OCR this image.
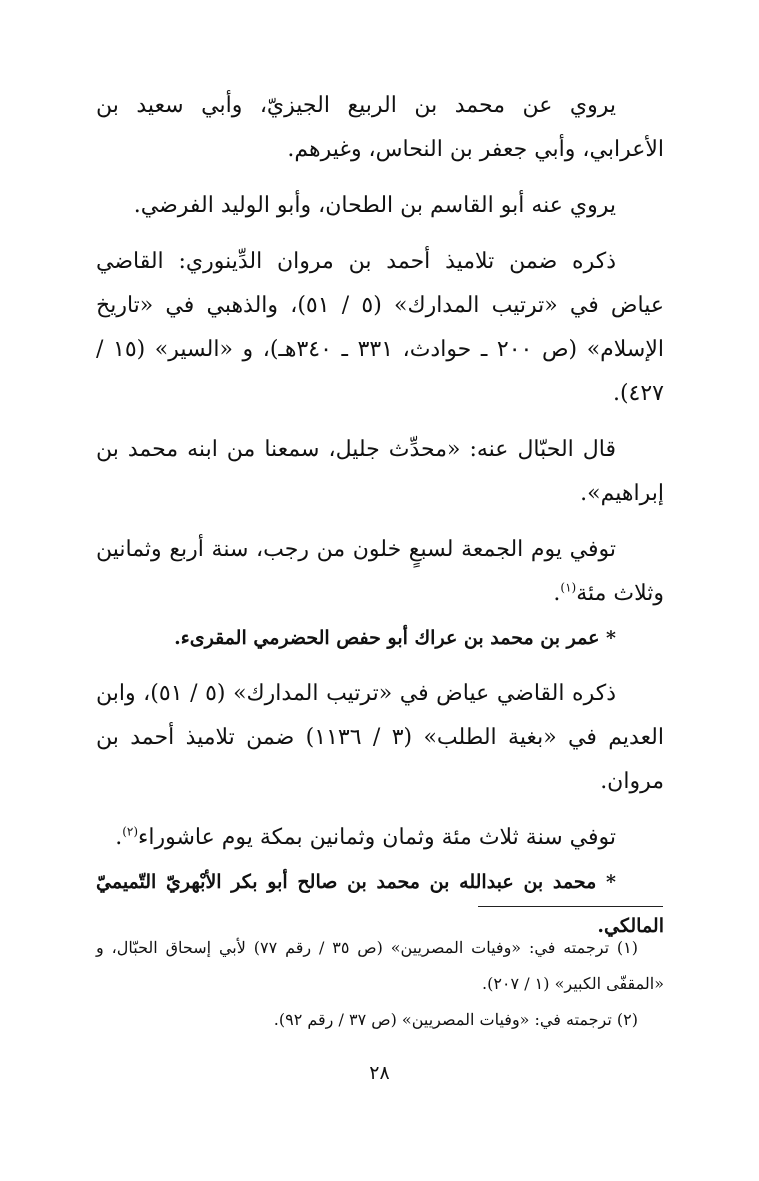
يروي عن محمد بن الربيع الجيزيّ، وأبي سعيد بن الأعرابي، وأبي جعفر بن النحاس، وغيرهم.

يروي عنه أبو القاسم بن الطحان، وأبو الوليد الفرضي.

ذكره ضمن تلاميذ أحمد بن مروان الدِّينوري: القاضي عياض في «ترتيب المدارك» (٥ / ٥١)، والذهبي في «تاريخ الإسلام» (ص ٢٠٠ ـ حوادث، ٣٣١ ـ ٣٤٠هـ)، و «السير» (١٥ / ٤٢٧).

قال الحبّال عنه: «محدِّث جليل، سمعنا من ابنه محمد بن إبراهيم».

توفي يوم الجمعة لسبعٍ خلون من رجب، سنة أربع وثمانين وثلاث مئة$^{(١)}$.

* عمر بن محمد بن عراك أبو حفص الحضرمي المقرىء.

ذكره القاضي عياض في «ترتيب المدارك» (٥ / ٥١)، وابن العديم في «بغية الطلب» (٣ / ١١٣٦) ضمن تلاميذ أحمد بن مروان.

توفي سنة ثلاث مئة وثمان وثمانين بمكة يوم عاشوراء$^{(٢)}$.

* محمد بن عبدالله بن محمد بن صالح أبو بكر الأبْهريّ التّميميّ المالكي.

(١) ترجمته في: «وفيات المصريين» (ص ٣٥ / رقم ٧٧) لأبي إسحاق الحبّال، و «المقفّى الكبير» (١ / ٢٠٧).

(٢) ترجمته في: «وفيات المصريين» (ص ٣٧ / رقم ٩٢).

٢٨
